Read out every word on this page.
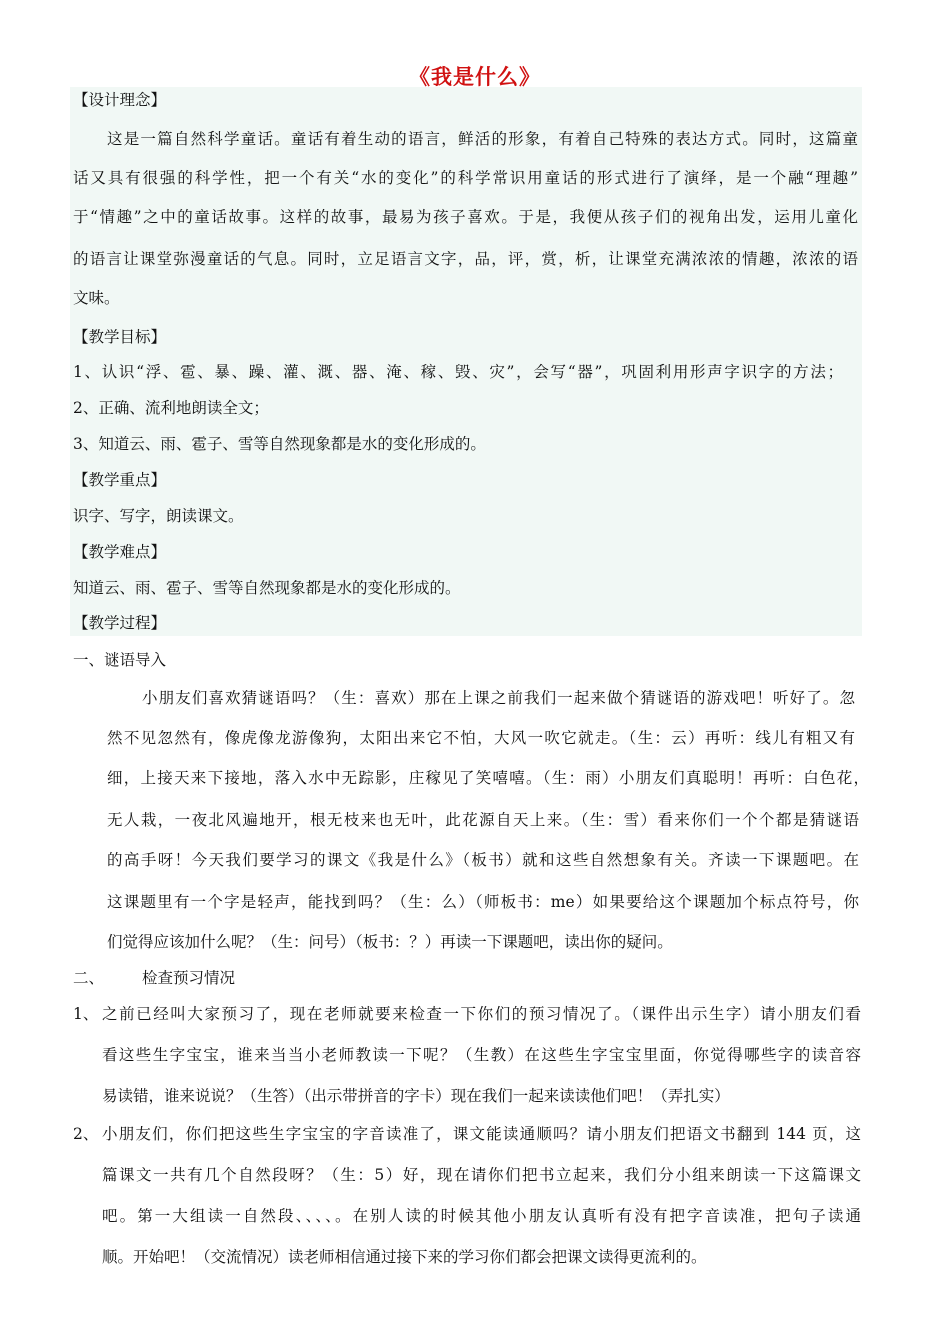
《我是什么》
【设计理念】
这是一篇自然科学童话。童话有着生动的语言，鲜活的形象，有着自己特殊的表达方式。同时，这篇童
话又具有很强的科学性，把一个有关“水的变化”的科学常识用童话的形式进行了演绎，是一个融“理趣”
于“情趣”之中的童话故事。这样的故事，最易为孩子喜欢。于是，我便从孩子们的视角出发，运用儿童化
的语言让课堂弥漫童话的气息。同时，立足语言文字，品，评，赏，析，让课堂充满浓浓的情趣，浓浓的语
文味。
【教学目标】
1、认识“浮、雹、暴、躁、灌、溉、器、淹、稼、毁、灾”，会写“器”，巩固利用形声字识字的方法；
2、正确、流利地朗读全文；
3、知道云、雨、雹子、雪等自然现象都是水的变化形成的。
【教学重点】
识字、写字，朗读课文。
【教学难点】
知道云、雨、雹子、雪等自然现象都是水的变化形成的。
【教学过程】
一、谜语导入
小朋友们喜欢猜谜语吗？（生：喜欢）那在上课之前我们一起来做个猜谜语的游戏吧！听好了。忽
然不见忽然有，像虎像龙游像狗，太阳出来它不怕，大风一吹它就走。（生：云）再听：线儿有粗又有
细，上接天来下接地，落入水中无踪影，庄稼见了笑嘻嘻。（生：雨）小朋友们真聪明！再听：白色花，
无人栽，一夜北风遍地开，根无枝来也无叶，此花源自天上来。（生：雪）看来你们一个个都是猜谜语
的高手呀！今天我们要学习的课文《我是什么》（板书）就和这些自然想象有关。齐读一下课题吧。在
这课题里有一个字是轻声，能找到吗？（生：么）（师板书：me）如果要给这个课题加个标点符号，你
们觉得应该加什么呢？（生：问号）（板书：？）再读一下课题吧，读出你的疑问。
二、 检查预习情况
1、 之前已经叫大家预习了，现在老师就要来检查一下你们的预习情况了。（课件出示生字）请小朋友们看
看这些生字宝宝，谁来当当小老师教读一下呢？（生教）在这些生字宝宝里面，你觉得哪些字的读音容
易读错，谁来说说？（生答）（出示带拼音的字卡）现在我们一起来读读他们吧！（弄扎实）
2、 小朋友们，你们把这些生字宝宝的字音读准了，课文能读通顺吗？请小朋友们把语文书翻到 144 页，这
篇课文一共有几个自然段呀？（生：5）好，现在请你们把书立起来，我们分小组来朗读一下这篇课文
吧。第一大组读一自然段、、、、。在别人读的时候其他小朋友认真听有没有把字音读准，把句子读通
顺。开始吧！（交流情况）读老师相信通过接下来的学习你们都会把课文读得更流利的。
